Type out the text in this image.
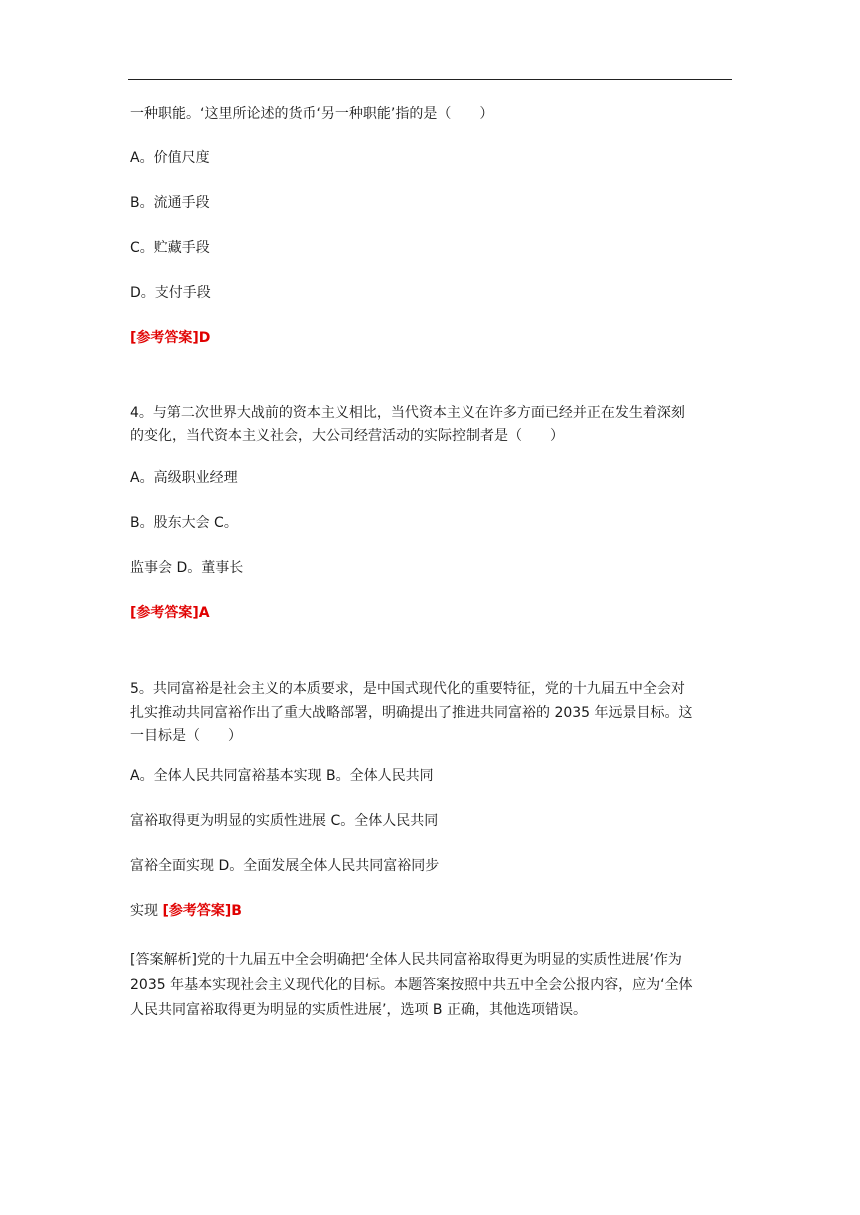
一种职能。‘这里所论述的货币‘另一种职能’指的是（　　）
A。价值尺度
B。流通手段
C。贮藏手段
D。支付手段
[参考答案]D
4。与第二次世界大战前的资本主义相比，当代资本主义在许多方面已经并正在发生着深刻
的变化，当代资本主义社会，大公司经营活动的实际控制者是（　　）
A。高级职业经理
B。股东大会 C。
监事会 D。董事长
[参考答案]A
5。共同富裕是社会主义的本质要求，是中国式现代化的重要特征，党的十九届五中全会对
扎实推动共同富裕作出了重大战略部署，明确提出了推进共同富裕的 2035 年远景目标。这
一目标是（　　）
A。全体人民共同富裕基本实现 B。全体人民共同
富裕取得更为明显的实质性进展 C。全体人民共同
富裕全面实现 D。全面发展全体人民共同富裕同步
实现 [参考答案]B
[答案解析]党的十九届五中全会明确把‘全体人民共同富裕取得更为明显的实质性进展’作为
2035 年基本实现社会主义现代化的目标。本题答案按照中共五中全会公报内容，应为‘全体
人民共同富裕取得更为明显的实质性进展’，选项 B 正确，其他选项错误。
